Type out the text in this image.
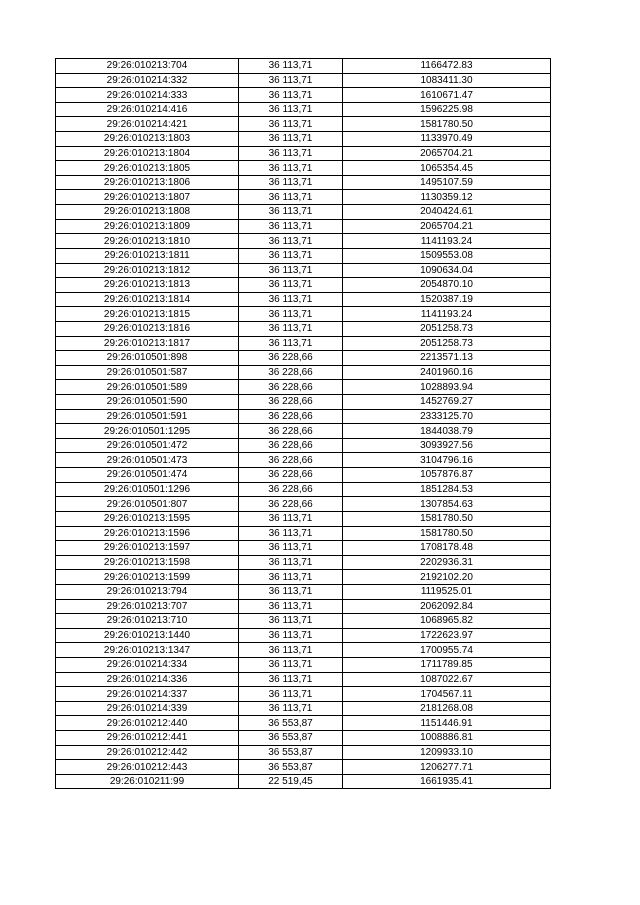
29:26:010213:704	36 113,71	1166472.83
29:26:010214:332	36 113,71	1083411.30
29:26:010214:333	36 113,71	1610671.47
29:26:010214:416	36 113,71	1596225.98
29:26:010214:421	36 113,71	1581780.50
29:26:010213:1803	36 113,71	1133970.49
29:26:010213:1804	36 113,71	2065704.21
29:26:010213:1805	36 113,71	1065354.45
29:26:010213:1806	36 113,71	1495107.59
29:26:010213:1807	36 113,71	1130359.12
29:26:010213:1808	36 113,71	2040424.61
29:26:010213:1809	36 113,71	2065704.21
29:26:010213:1810	36 113,71	1141193.24
29:26:010213:1811	36 113,71	1509553.08
29:26:010213:1812	36 113,71	1090634.04
29:26:010213:1813	36 113,71	2054870.10
29:26:010213:1814	36 113,71	1520387.19
29:26:010213:1815	36 113,71	1141193.24
29:26:010213:1816	36 113,71	2051258.73
29:26:010213:1817	36 113,71	2051258.73
29:26:010501:898	36 228,66	2213571.13
29:26:010501:587	36 228,66	2401960.16
29:26:010501:589	36 228,66	1028893.94
29:26:010501:590	36 228,66	1452769.27
29:26:010501:591	36 228,66	2333125.70
29:26:010501:1295	36 228,66	1844038.79
29:26:010501:472	36 228,66	3093927.56
29:26:010501:473	36 228,66	3104796.16
29:26:010501:474	36 228,66	1057876.87
29:26:010501:1296	36 228,66	1851284.53
29:26:010501:807	36 228,66	1307854.63
29:26:010213:1595	36 113,71	1581780.50
29:26:010213:1596	36 113,71	1581780.50
29:26:010213:1597	36 113,71	1708178.48
29:26:010213:1598	36 113,71	2202936.31
29:26:010213:1599	36 113,71	2192102.20
29:26:010213:794	36 113,71	1119525.01
29:26:010213:707	36 113,71	2062092.84
29:26:010213:710	36 113,71	1068965.82
29:26:010213:1440	36 113,71	1722623.97
29:26:010213:1347	36 113,71	1700955.74
29:26:010214:334	36 113,71	1711789.85
29:26:010214:336	36 113,71	1087022.67
29:26:010214:337	36 113,71	1704567.11
29:26:010214:339	36 113,71	2181268.08
29:26:010212:440	36 553,87	1151446.91
29:26:010212:441	36 553,87	1008886.81
29:26:010212:442	36 553,87	1209933.10
29:26:010212:443	36 553,87	1206277.71
29:26:010211:99	22 519,45	1661935.41
